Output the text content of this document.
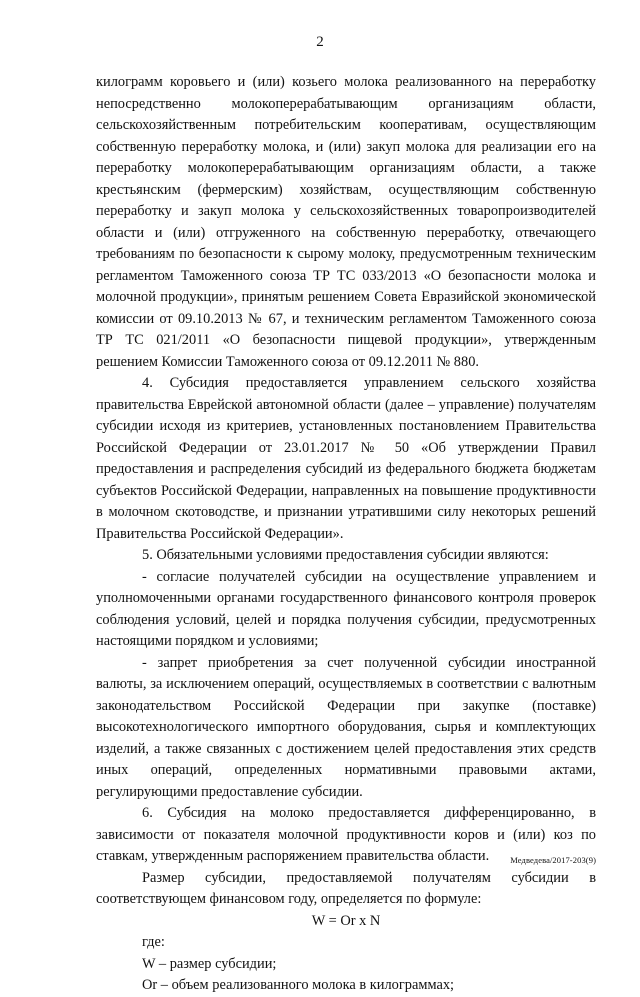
2

килограмм коровьего и (или) козьего молока реализованного на переработку непосредственно молокоперерабатывающим организациям области, сельскохозяйственным потребительским кооперативам, осуществляющим собственную переработку молока, и (или) закуп молока для реализации его на переработку молокоперерабатывающим организациям области, а также крестьянским (фермерским) хозяйствам, осуществляющим собственную переработку и закуп молока у сельскохозяйственных товаропроизводителей области и (или) отгруженного на собственную переработку, отвечающего требованиям по безопасности к сырому молоку, предусмотренным техническим регламентом Таможенного союза ТР ТС 033/2013 «О безопасности молока и молочной продукции», принятым решением Совета Евразийской экономической комиссии от 09.10.2013 № 67, и техническим регламентом Таможенного союза ТР ТС 021/2011 «О безопасности пищевой продукции», утвержденным решением Комиссии Таможенного союза от 09.12.2011 № 880.

4. Субсидия предоставляется управлением сельского хозяйства правительства Еврейской автономной области (далее – управление) получателям субсидии исходя из критериев, установленных постановлением Правительства Российской Федерации от 23.01.2017 № 50 «Об утверждении Правил предоставления и распределения субсидий из федерального бюджета бюджетам субъектов Российской Федерации, направленных на повышение продуктивности в молочном скотоводстве, и признании утратившими силу некоторых решений Правительства Российской Федерации».

5. Обязательными условиями предоставления субсидии являются:

- согласие получателей субсидии на осуществление управлением и уполномоченными органами государственного финансового контроля проверок соблюдения условий, целей и порядка получения субсидии, предусмотренных настоящими порядком и условиями;

- запрет приобретения за счет полученной субсидии иностранной валюты, за исключением операций, осуществляемых в соответствии с валютным законодательством Российской Федерации при закупке (поставке) высокотехнологического импортного оборудования, сырья и комплектующих изделий, а также связанных с достижением целей предоставления этих средств иных операций, определенных нормативными правовыми актами, регулирующими предоставление субсидии.

6. Субсидия на молоко предоставляется дифференцированно, в зависимости от показателя молочной продуктивности коров и (или) коз по ставкам, утвержденным распоряжением правительства области.

Размер субсидии, предоставляемой получателям субсидии в соответствующем финансовом году, определяется по формуле:

W = Or x N

где:

W – размер субсидии;

Or – объем реализованного молока в килограммах;

Медведева/2017-203(9)
